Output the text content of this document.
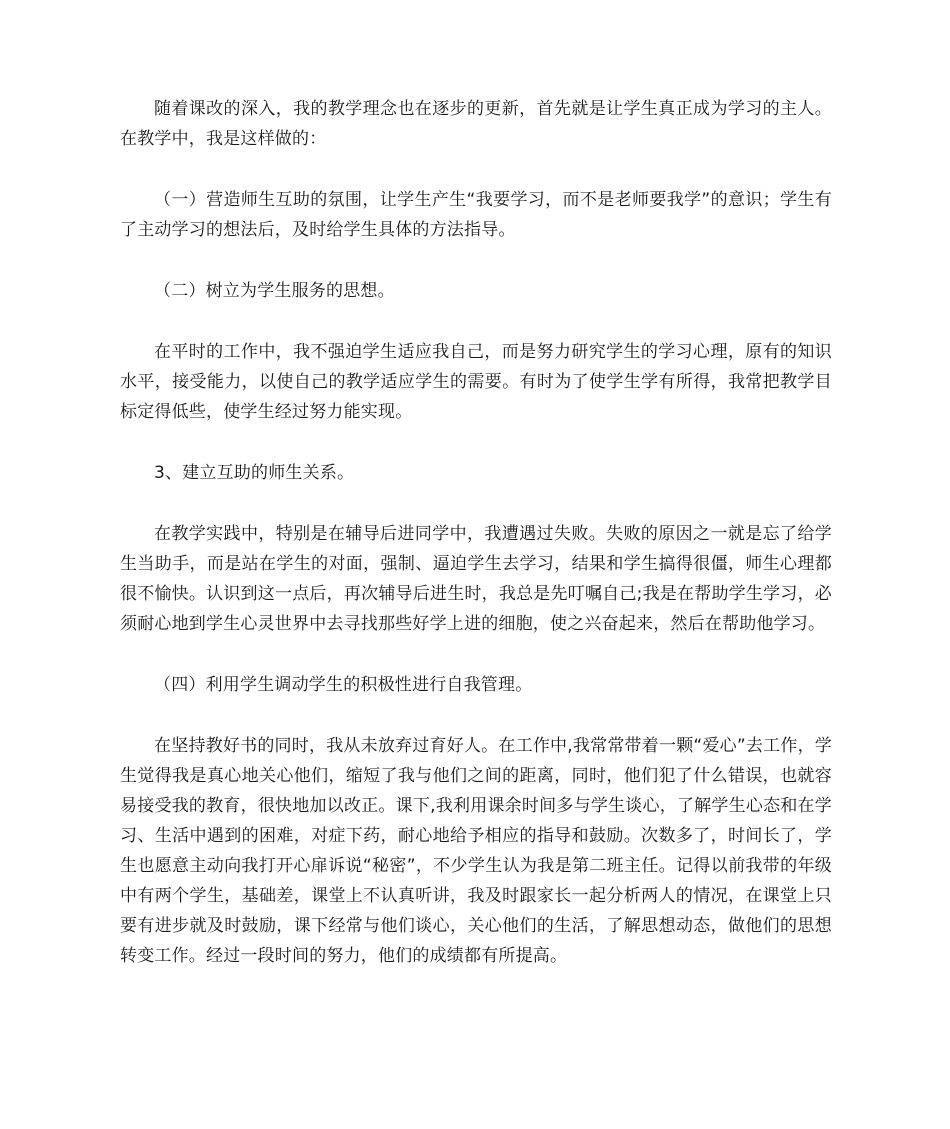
随着课改的深入，我的教学理念也在逐步的更新，首先就是让学生真正成为学习的主人。在教学中，我是这样做的：

（一）营造师生互助的氛围，让学生产生“我要学习，而不是老师要我学”的意识；学生有了主动学习的想法后，及时给学生具体的方法指导。

（二）树立为学生服务的思想。

在平时的工作中，我不强迫学生适应我自己，而是努力研究学生的学习心理，原有的知识水平，接受能力，以使自己的教学适应学生的需要。有时为了使学生学有所得，我常把教学目标定得低些，使学生经过努力能实现。

3、建立互助的师生关系。

在教学实践中，特别是在辅导后进同学中，我遭遇过失败。失败的原因之一就是忘了给学生当助手，而是站在学生的对面，强制、逼迫学生去学习，结果和学生搞得很僵，师生心理都很不愉快。认识到这一点后，再次辅导后进生时，我总是先叮嘱自己;我是在帮助学生学习，必须耐心地到学生心灵世界中去寻找那些好学上进的细胞，使之兴奋起来，然后在帮助他学习。

（四）利用学生调动学生的积极性进行自我管理。

在坚持教好书的同时，我从未放弃过育好人。在工作中,我常常带着一颗“爱心”去工作，学生觉得我是真心地关心他们，缩短了我与他们之间的距离，同时，他们犯了什么错误，也就容易接受我的教育，很快地加以改正。课下,我利用课余时间多与学生谈心，了解学生心态和在学习、生活中遇到的困难，对症下药，耐心地给予相应的指导和鼓励。次数多了，时间长了，学生也愿意主动向我打开心扉诉说“秘密”，不少学生认为我是第二班主任。记得以前我带的年级中有两个学生，基础差，课堂上不认真听讲，我及时跟家长一起分析两人的情况，在课堂上只要有进步就及时鼓励，课下经常与他们谈心，关心他们的生活，了解思想动态，做他们的思想转变工作。经过一段时间的努力，他们的成绩都有所提高。
